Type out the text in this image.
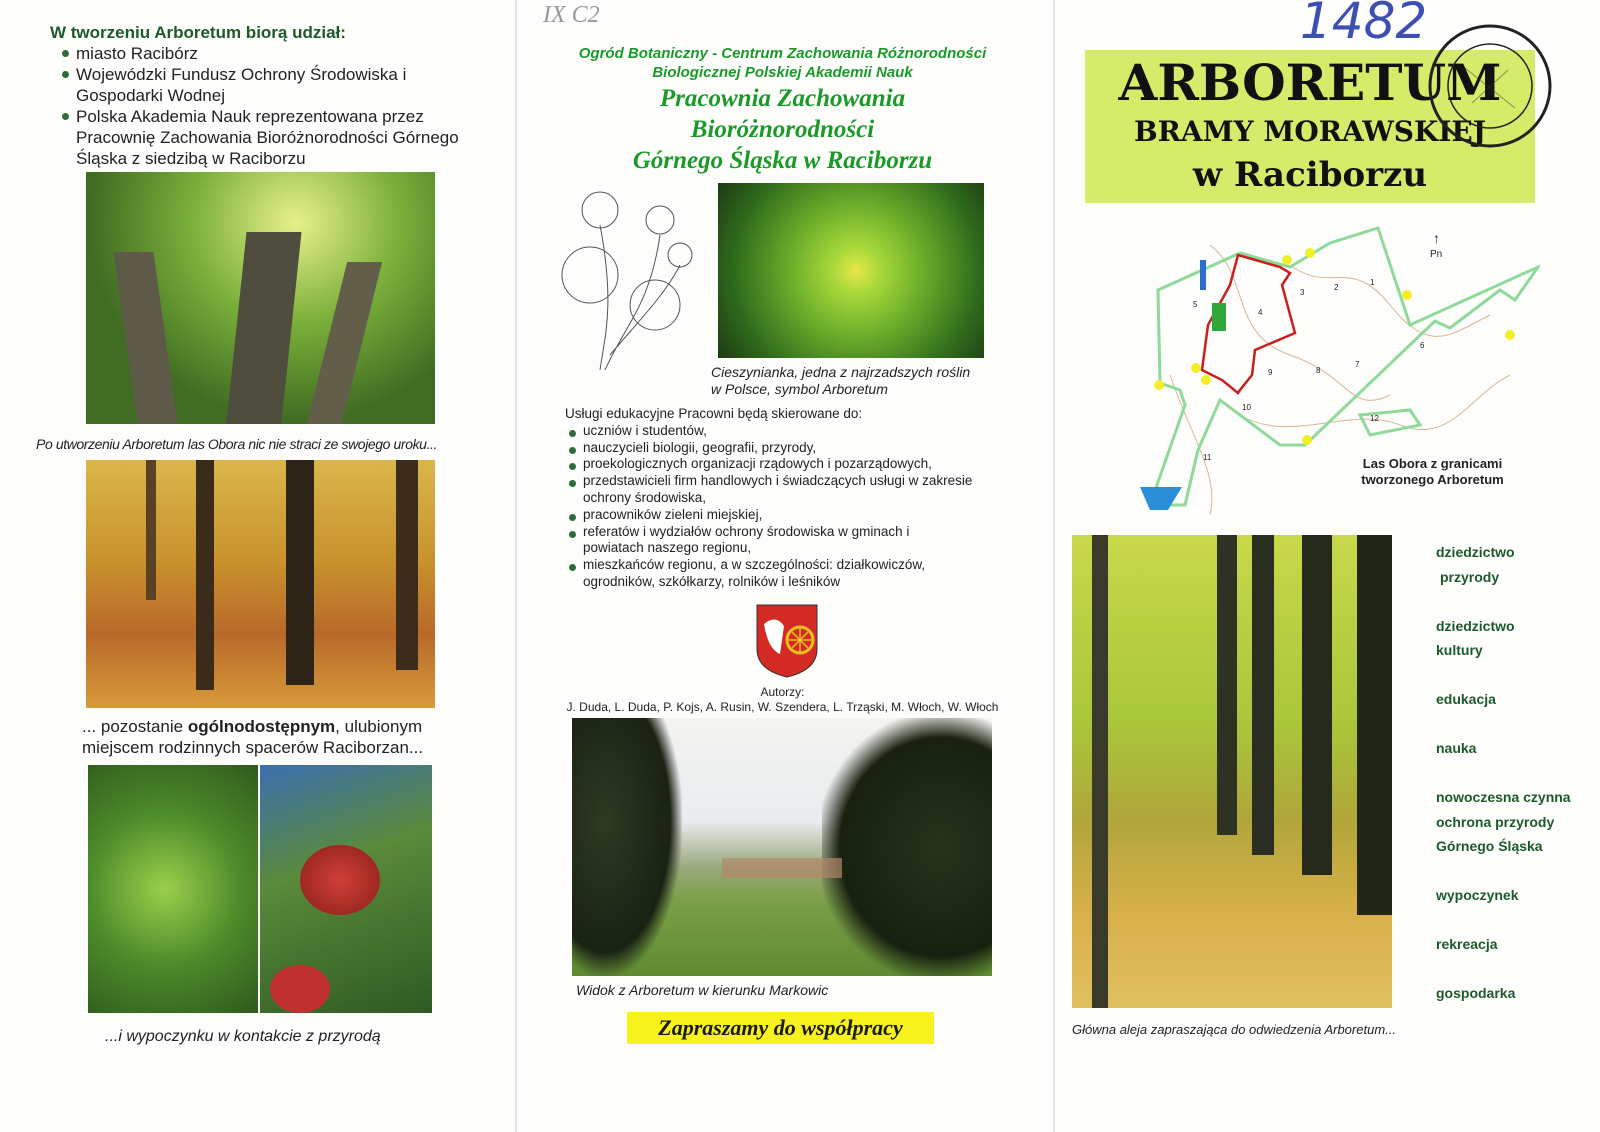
W tworzeniu Arboretum biorą udział:
miasto Racibórz
Wojewódzki Fundusz Ochrony Środowiska i Gospodarki Wodnej
Polska Akademia Nauk reprezentowana przez Pracownię Zachowania Bioróżnorodności Górnego Śląska z siedzibą w Raciborzu
Po utworzeniu Arboretum las Obora nic nie straci ze swojego uroku...
... pozostanie ogólnodostępnym, ulubionym miejscem rodzinnych spacerów Raciborzan...
...i wypoczynku w kontakcie z przyrodą
IX C2
Ogród Botaniczny - Centrum Zachowania Różnorodności
Biologicznej Polskiej Akademii Nauk
Pracownia Zachowania
Bioróżnorodności
Górnego Śląska w Raciborzu
Cieszynianka, jedna z najrzadszych roślin
w Polsce, symbol Arboretum
Usługi edukacyjne Pracowni będą skierowane do:
uczniów i studentów,
nauczycieli biologii, geografii, przyrody,
proekologicznych organizacji rządowych i pozarządowych,
przedstawicieli firm handlowych i świadczących usługi w zakresie ochrony środowiska,
pracowników zieleni miejskiej,
referatów i wydziałów ochrony środowiska w gminach i powiatach naszego regionu,
mieszkańców regionu, a w szczególności: działkowiczów, ogrodników, szkółkarzy, rolników i leśników
Autorzy:
J. Duda, L. Duda, P. Kojs, A. Rusin, W. Szendera, L. Trząski, M. Włoch, W. Włoch
Widok z Arboretum w kierunku Markowic
Zapraszamy do współpracy
1482
ARBORETUM
BRAMY MORAWSKIEJ
w Raciborzu
1
2
3
4
5
6
7
8
9
10
11
12
↑
Pn
Las Obora z granicami
tworzonego Arboretum
Główna aleja zapraszająca do odwiedzenia Arboretum...
dziedzictwo
przyrody
dziedzictwo
kultury
edukacja
nauka
nowoczesna czynna
ochrona przyrody
Górnego Śląska
wypoczynek
rekreacja
gospodarka
